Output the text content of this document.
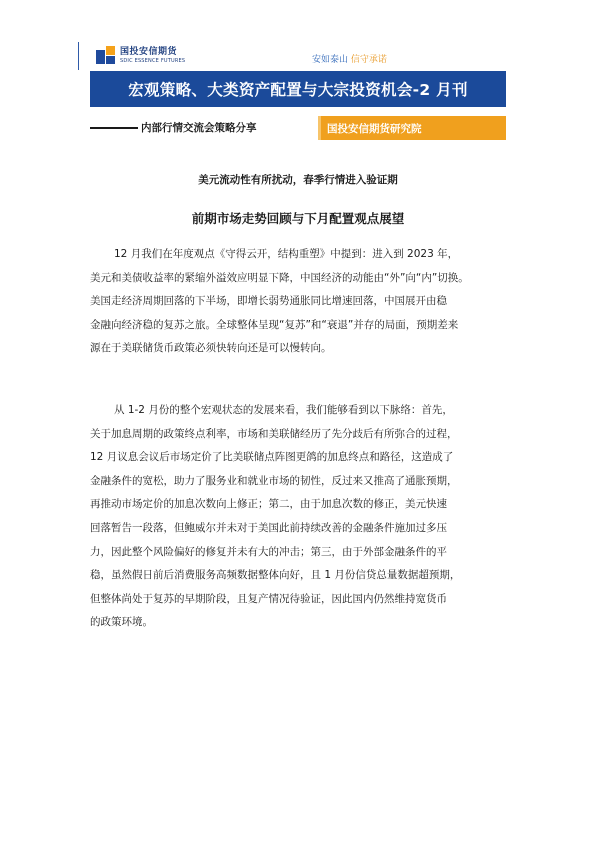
国投安信期货
SDIC ESSENCE FUTURES	安如泰山 信守承诺
宏观策略、大类资产配置与大宗投资机会-2 月刊
内部行情交流会策略分享	国投安信期货研究院
美元流动性有所扰动，春季行情进入验证期
前期市场走势回顾与下月配置观点展望
12 月我们在年度观点《守得云开，结构重塑》中提到：进入到 2023 年，
美元和美债收益率的紧缩外溢效应明显下降，中国经济的动能由“外”向“内”切换。
美国走经济周期回落的下半场，即增长弱势通胀同比增速回落，中国展开由稳
金融向经济稳的复苏之旅。全球整体呈现“复苏”和“衰退”并存的局面，预期差来
源在于美联储货币政策必须快转向还是可以慢转向。
从 1-2 月份的整个宏观状态的发展来看，我们能够看到以下脉络：首先，
关于加息周期的政策终点利率，市场和美联储经历了先分歧后有所弥合的过程，
12 月议息会议后市场定价了比美联储点阵图更鸽的加息终点和路径，这造成了
金融条件的宽松，助力了服务业和就业市场的韧性，反过来又推高了通胀预期，
再推动市场定价的加息次数向上修正；第二，由于加息次数的修正，美元快速
回落暂告一段落，但鲍威尔并未对于美国此前持续改善的金融条件施加过多压
力，因此整个风险偏好的修复并未有大的冲击；第三，由于外部金融条件的平
稳，虽然假日前后消费服务高频数据整体向好，且 1 月份信贷总量数据超预期，
但整体尚处于复苏的早期阶段，且复产情况待验证，因此国内仍然维持宽货币
的政策环境。
